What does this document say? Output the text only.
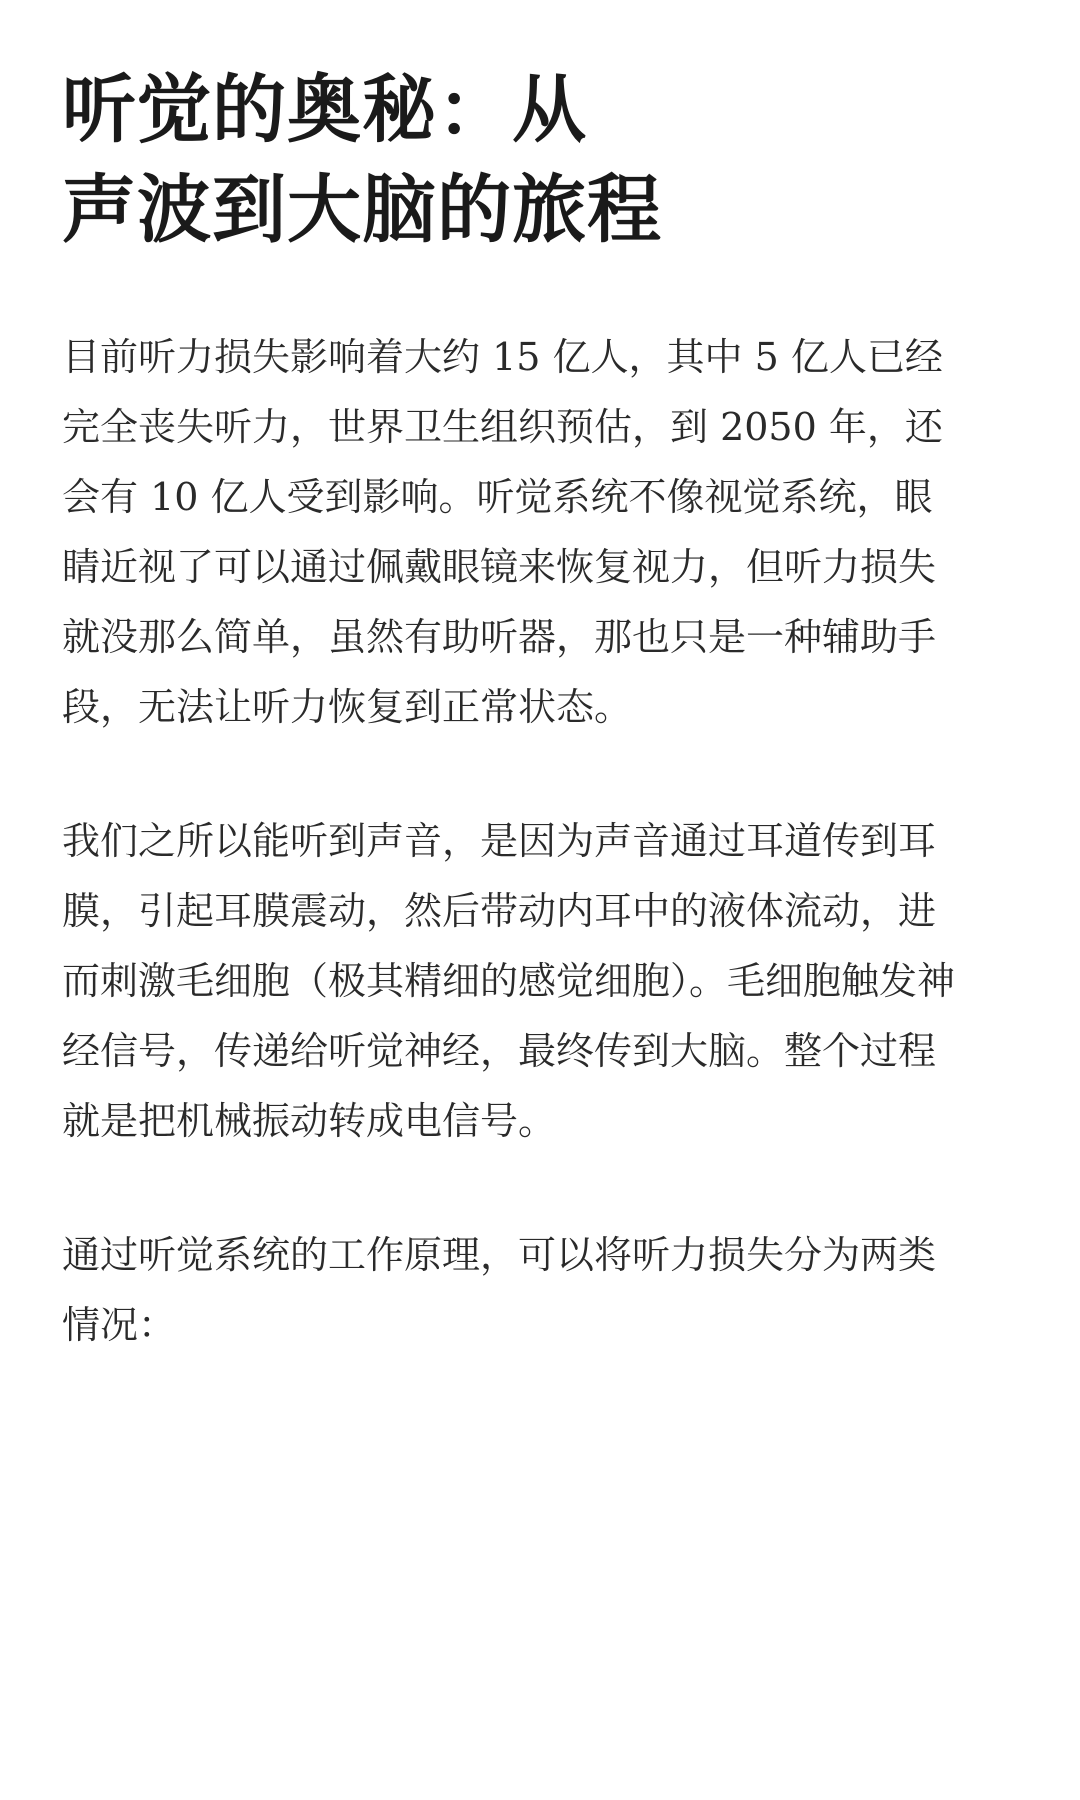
听觉的奥秘：从
声波到大脑的旅程

目前听力损失影响着大约 15 亿人，其中 5 亿人已经
完全丧失听力，世界卫生组织预估，到 2050 年，还
会有 10 亿人受到影响。听觉系统不像视觉系统，眼
睛近视了可以通过佩戴眼镜来恢复视力，但听力损失
就没那么简单，虽然有助听器，那也只是一种辅助手
段，无法让听力恢复到正常状态。

我们之所以能听到声音，是因为声音通过耳道传到耳
膜，引起耳膜震动，然后带动内耳中的液体流动，进
而刺激毛细胞（极其精细的感觉细胞）。毛细胞触发神
经信号，传递给听觉神经，最终传到大脑。整个过程
就是把机械振动转成电信号。

通过听觉系统的工作原理，可以将听力损失分为两类
情况：
